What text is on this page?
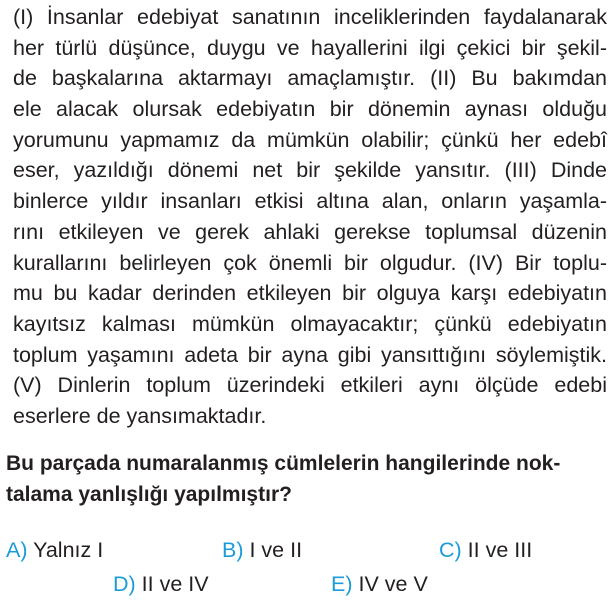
(I) İnsanlar edebiyat sanatının inceliklerinden faydalanarak
her türlü düşünce, duygu ve hayallerini ilgi çekici bir şekil-
de başkalarına aktarmayı amaçlamıştır. (II) Bu bakımdan
ele alacak olursak edebiyatın bir dönemin aynası olduğu
yorumunu yapmamız da mümkün olabilir; çünkü her edebî
eser, yazıldığı dönemi net bir şekilde yansıtır. (III) Dinde
binlerce yıldır insanları etkisi altına alan, onların yaşamla-
rını etkileyen ve gerek ahlaki gerekse toplumsal düzenin
kurallarını belirleyen çok önemli bir olgudur. (IV) Bir toplu-
mu bu kadar derinden etkileyen bir olguya karşı edebiyatın
kayıtsız kalması mümkün olmayacaktır; çünkü edebiyatın
toplum yaşamını adeta bir ayna gibi yansıttığını söylemiştik.
(V) Dinlerin toplum üzerindeki etkileri aynı ölçüde edebi
eserlere de yansımaktadır.
Bu parçada numaralanmış cümlelerin hangilerinde nok-
talama yanlışlığı yapılmıştır?
A) Yalnız I	B) I ve II	C) II ve III
D) II ve IV	E) IV ve V
